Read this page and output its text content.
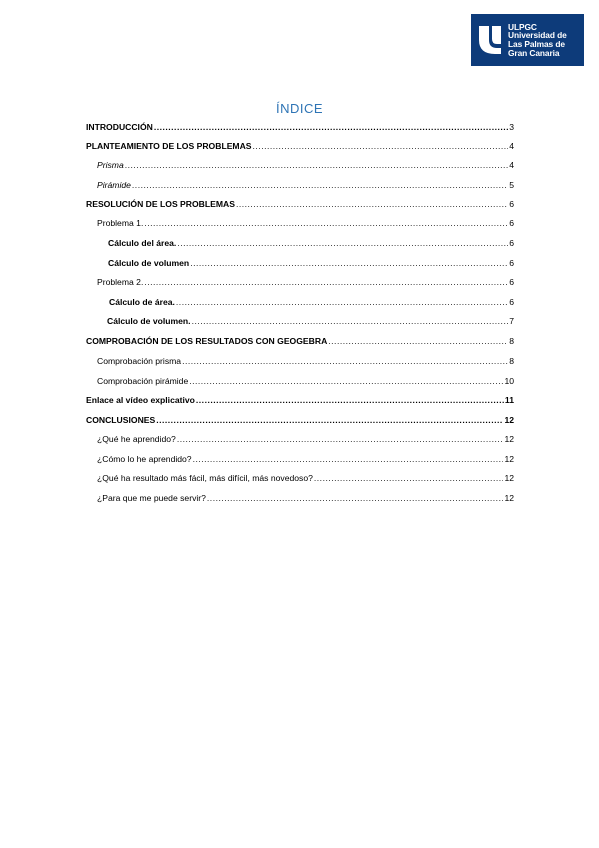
ULPGC
Universidad de
Las Palmas de
Gran Canaria
ÍNDICE
INTRODUCCIÓN .....	3
PLANTEAMIENTO DE LOS PROBLEMAS .....	4
Prisma .....	4
Pirámide .....	5
RESOLUCIÓN DE LOS PROBLEMAS .....	6
Problema 1. .....	6
Cálculo del área. .....	6
Cálculo de volumen .....	6
Problema 2. .....	6
Cálculo de área. .....	6
Cálculo de volumen. .....	7
COMPROBACIÓN DE LOS RESULTADOS CON GEOGEBRA .....	8
Comprobación prisma .....	8
Comprobación pirámide .....	10
Enlace al vídeo explicativo .....	11
CONCLUSIONES .....	12
¿Qué he aprendido? .....	12
¿Cómo lo he aprendido? .....	12
¿Qué ha resultado más fácil, más difícil, más novedoso? .....	12
¿Para que me puede servir? .....	12
